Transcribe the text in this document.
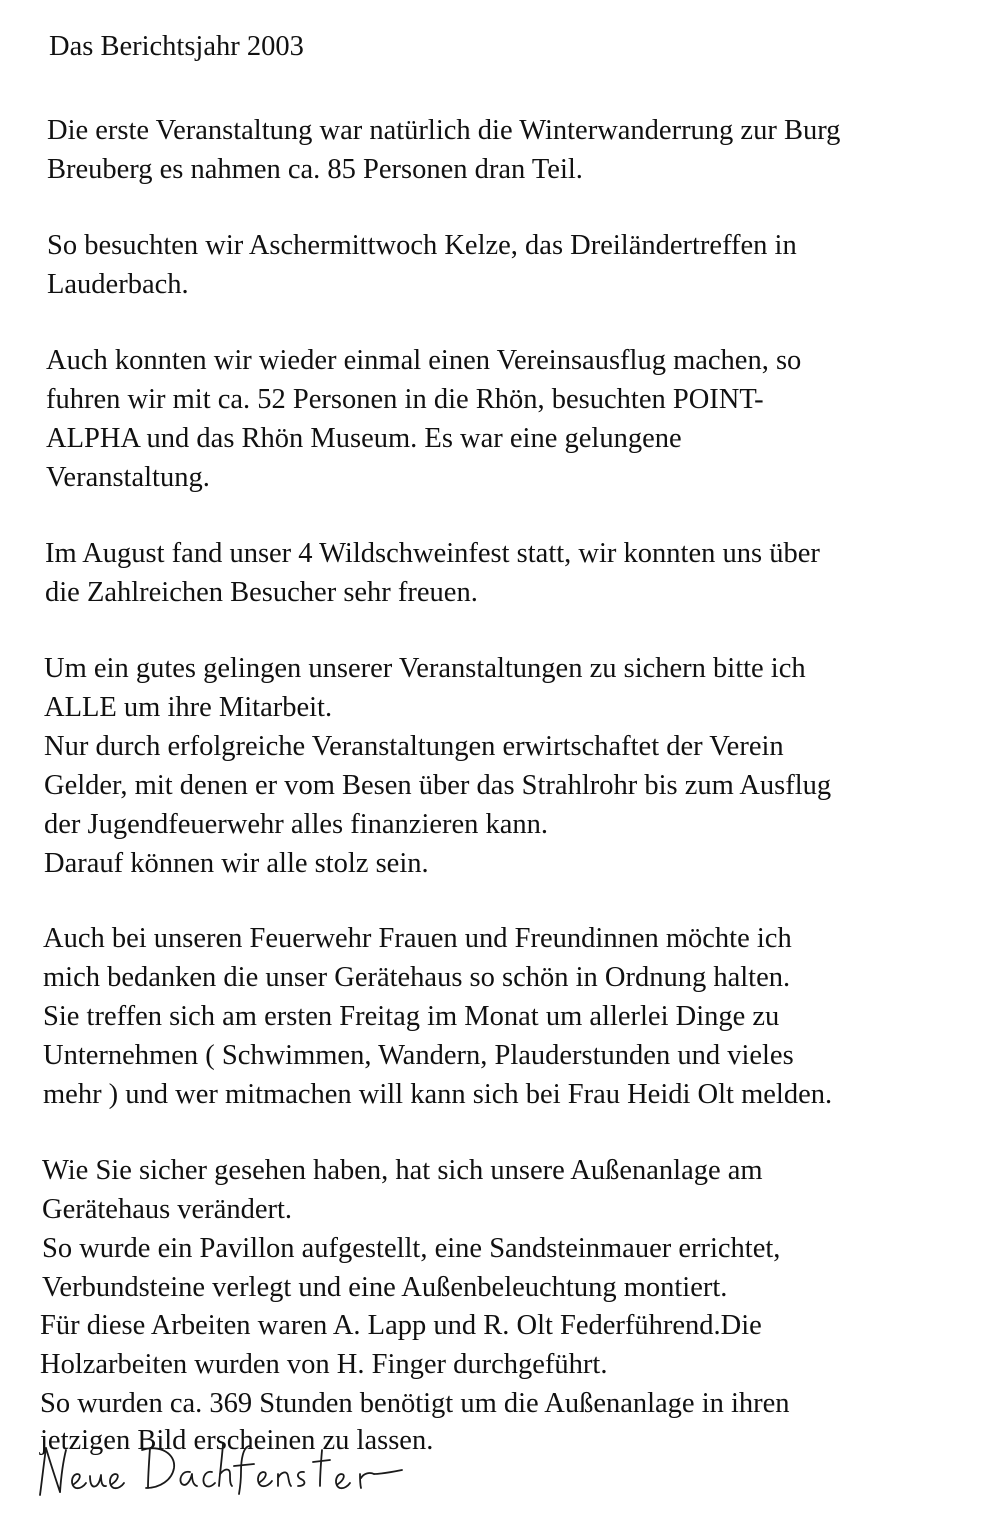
Das Berichtsjahr 2003

Die erste Veranstaltung war natürlich die Winterwanderrung zur Burg

Breuberg es nahmen ca. 85 Personen dran Teil.

So besuchten wir Aschermittwoch Kelze, das Dreiländertreffen in

Lauderbach.

Auch konnten wir wieder einmal einen Vereinsausflug machen, so

fuhren wir mit ca. 52 Personen in die Rhön, besuchten POINT-

ALPHA und das Rhön Museum. Es war eine gelungene

Veranstaltung.

Im August fand unser 4 Wildschweinfest statt, wir konnten uns über

die Zahlreichen Besucher sehr freuen.

Um ein gutes gelingen unserer Veranstaltungen zu sichern bitte ich

ALLE um ihre Mitarbeit.

Nur durch erfolgreiche Veranstaltungen erwirtschaftet der Verein

Gelder, mit denen er vom Besen über das Strahlrohr bis zum Ausflug

der Jugendfeuerwehr alles finanzieren kann.

Darauf können wir alle stolz sein.

Auch bei unseren Feuerwehr Frauen und Freundinnen möchte ich

mich bedanken die unser Gerätehaus so schön in Ordnung halten.

Sie treffen sich am ersten Freitag im Monat um allerlei Dinge zu

Unternehmen ( Schwimmen, Wandern, Plauderstunden und vieles

mehr ) und wer mitmachen will kann sich bei Frau Heidi Olt melden.

Wie Sie sicher gesehen haben, hat sich unsere Außenanlage am

Gerätehaus verändert.

So wurde ein Pavillon aufgestellt, eine Sandsteinmauer errichtet,

Verbundsteine verlegt und eine Außenbeleuchtung montiert.

Für diese Arbeiten waren A. Lapp und R. Olt Federführend.Die

Holzarbeiten wurden von H. Finger durchgeführt.

So wurden ca. 369 Stunden benötigt um die Außenanlage in ihren

jetzigen Bild erscheinen zu lassen.
